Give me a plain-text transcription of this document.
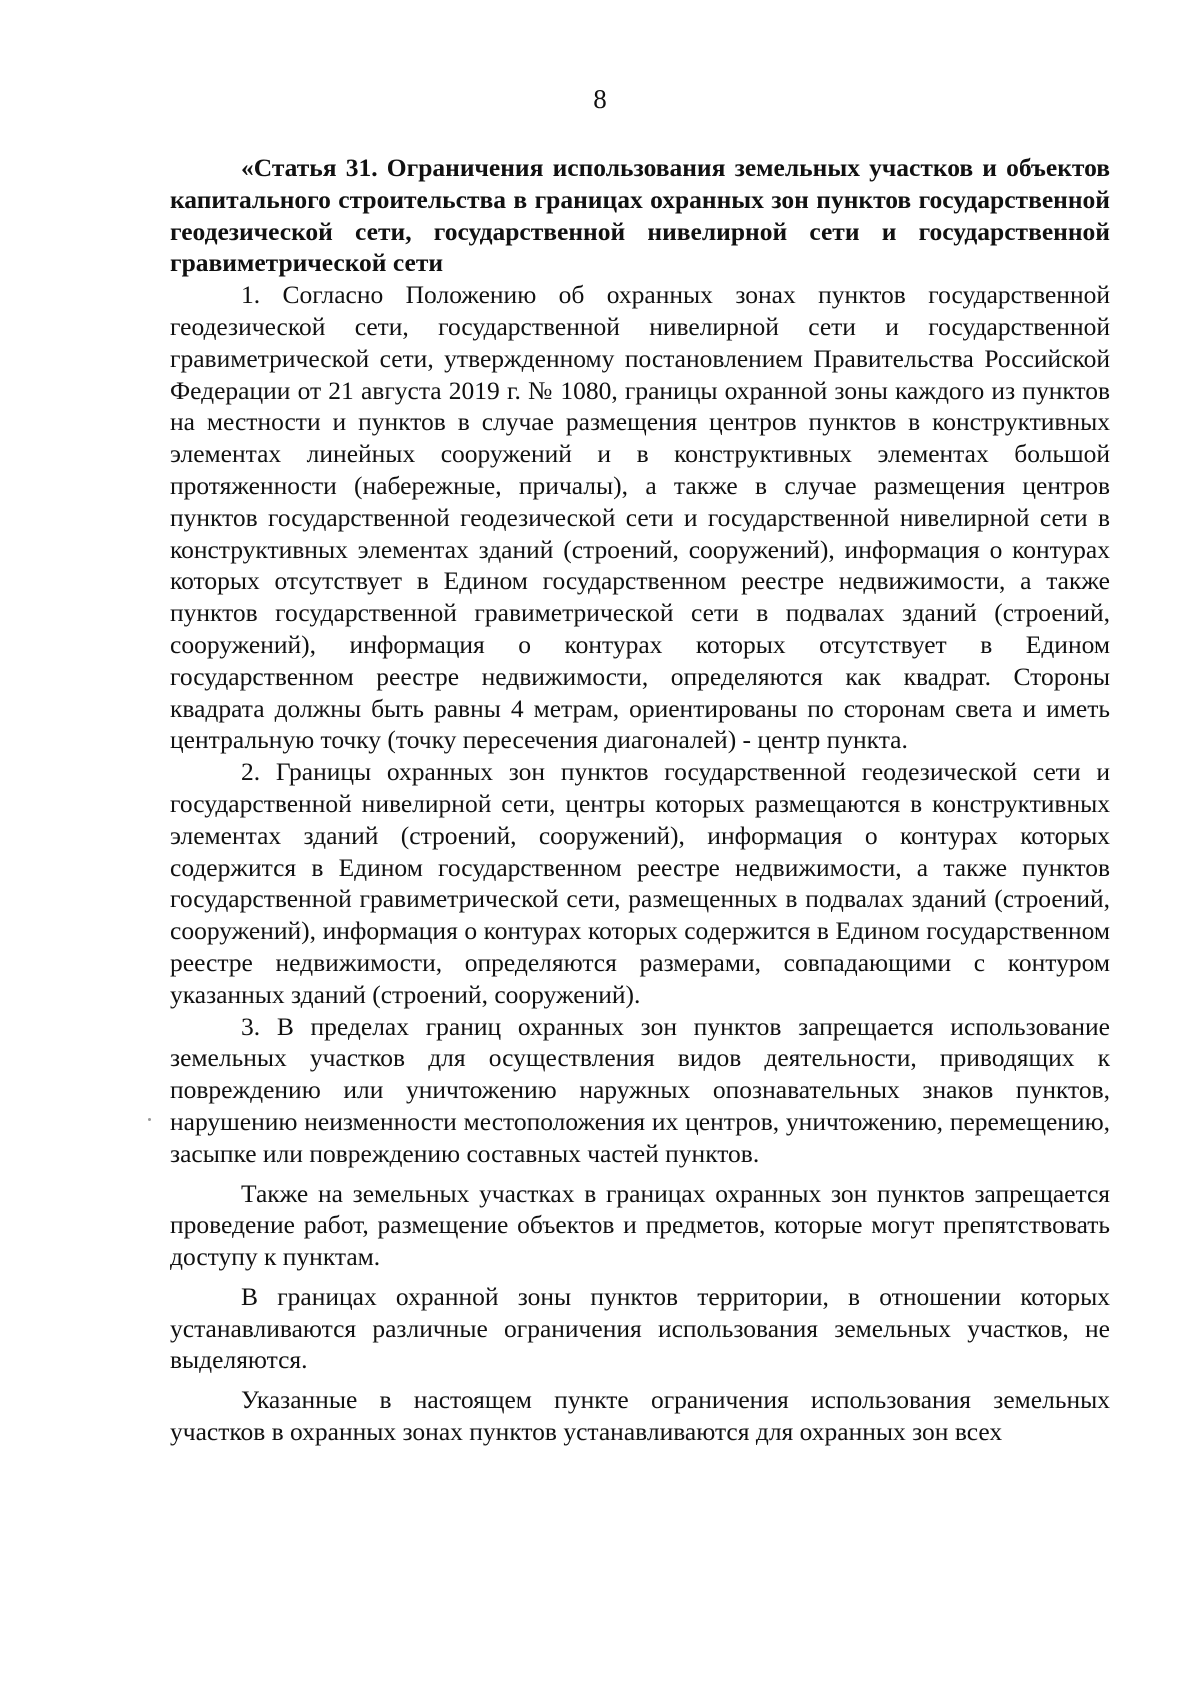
8

«Статья 31. Ограничения использования земельных участков и объектов капитального строительства в границах охранных зон пунктов государственной геодезической сети, государственной нивелирной сети и государственной гравиметрической сети

1. Согласно Положению об охранных зонах пунктов государственной геодезической сети, государственной нивелирной сети и государственной гравиметрической сети, утвержденному постановлением Правительства Российской Федерации от 21 августа 2019 г. № 1080, границы охранной зоны каждого из пунктов на местности и пунктов в случае размещения центров пунктов в конструктивных элементах линейных сооружений и в конструктивных элементах большой протяженности (набережные, причалы), а также в случае размещения центров пунктов государственной геодезической сети и государственной нивелирной сети в конструктивных элементах зданий (строений, сооружений), информация о контурах которых отсутствует в Едином государственном реестре недвижимости, а также пунктов государственной гравиметрической сети в подвалах зданий (строений, сооружений), информация о контурах которых отсутствует в Едином государственном реестре недвижимости, определяются как квадрат. Стороны квадрата должны быть равны 4 метрам, ориентированы по сторонам света и иметь центральную точку (точку пересечения диагоналей) - центр пункта.

2. Границы охранных зон пунктов государственной геодезической сети и государственной нивелирной сети, центры которых размещаются в конструктивных элементах зданий (строений, сооружений), информация о контурах которых содержится в Едином государственном реестре недвижимости, а также пунктов государственной гравиметрической сети, размещенных в подвалах зданий (строений, сооружений), информация о контурах которых содержится в Едином государственном реестре недвижимости, определяются размерами, совпадающими с контуром указанных зданий (строений, сооружений).

3. В пределах границ охранных зон пунктов запрещается использование земельных участков для осуществления видов деятельности, приводящих к повреждению или уничтожению наружных опознавательных знаков пунктов, нарушению неизменности местоположения их центров, уничтожению, перемещению, засыпке или повреждению составных частей пунктов.

Также на земельных участках в границах охранных зон пунктов запрещается проведение работ, размещение объектов и предметов, которые могут препятствовать доступу к пунктам.

В границах охранной зоны пунктов территории, в отношении которых устанавливаются различные ограничения использования земельных участков, не выделяются.

Указанные в настоящем пункте ограничения использования земельных участков в охранных зонах пунктов устанавливаются для охранных зон всех
